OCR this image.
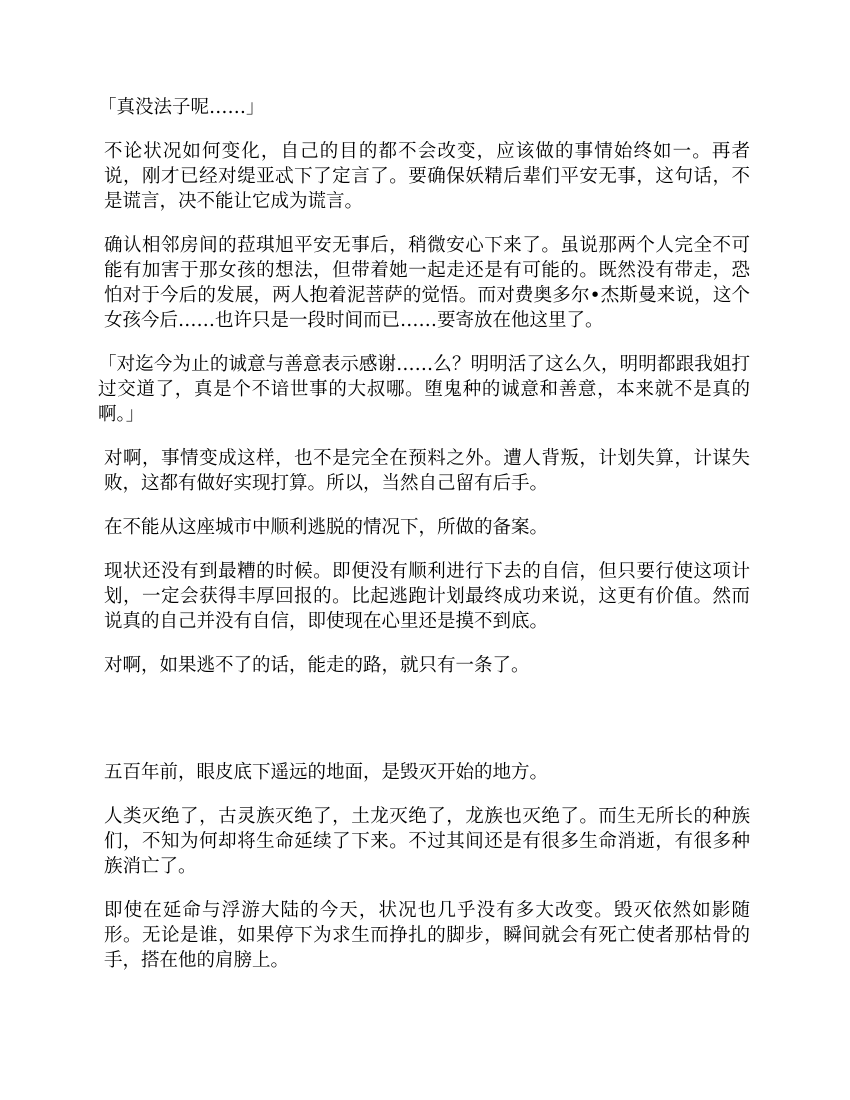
「真没法子呢……」

不论状况如何变化，自己的目的都不会改变，应该做的事情始终如一。再者说，刚才已经对缇亚忒下了定言了。要确保妖精后辈们平安无事，这句话，不是谎言，决不能让它成为谎言。

确认相邻房间的菈琪旭平安无事后，稍微安心下来了。虽说那两个人完全不可能有加害于那女孩的想法，但带着她一起走还是有可能的。既然没有带走，恐怕对于今后的发展，两人抱着泥菩萨的觉悟。而对费奥多尔•杰斯曼来说，这个女孩今后……也许只是一段时间而已……要寄放在他这里了。

「对迄今为止的诚意与善意表示感谢……么？明明活了这么久，明明都跟我姐打过交道了，真是个不谙世事的大叔哪。堕鬼种的诚意和善意，本来就不是真的啊。」

对啊，事情变成这样，也不是完全在预料之外。遭人背叛，计划失算，计谋失败，这都有做好实现打算。所以，当然自己留有后手。

在不能从这座城市中顺利逃脱的情况下，所做的备案。

现状还没有到最糟的时候。即便没有顺利进行下去的自信，但只要行使这项计划，一定会获得丰厚回报的。比起逃跑计划最终成功来说，这更有价值。然而说真的自己并没有自信，即使现在心里还是摸不到底。

对啊，如果逃不了的话，能走的路，就只有一条了。

五百年前，眼皮底下遥远的地面，是毁灭开始的地方。

人类灭绝了，古灵族灭绝了，土龙灭绝了，龙族也灭绝了。而生无所长的种族们，不知为何却将生命延续了下来。不过其间还是有很多生命消逝，有很多种族消亡了。

即使在延命与浮游大陆的今天，状况也几乎没有多大改变。毁灭依然如影随形。无论是谁，如果停下为求生而挣扎的脚步，瞬间就会有死亡使者那枯骨的手，搭在他的肩膀上。
